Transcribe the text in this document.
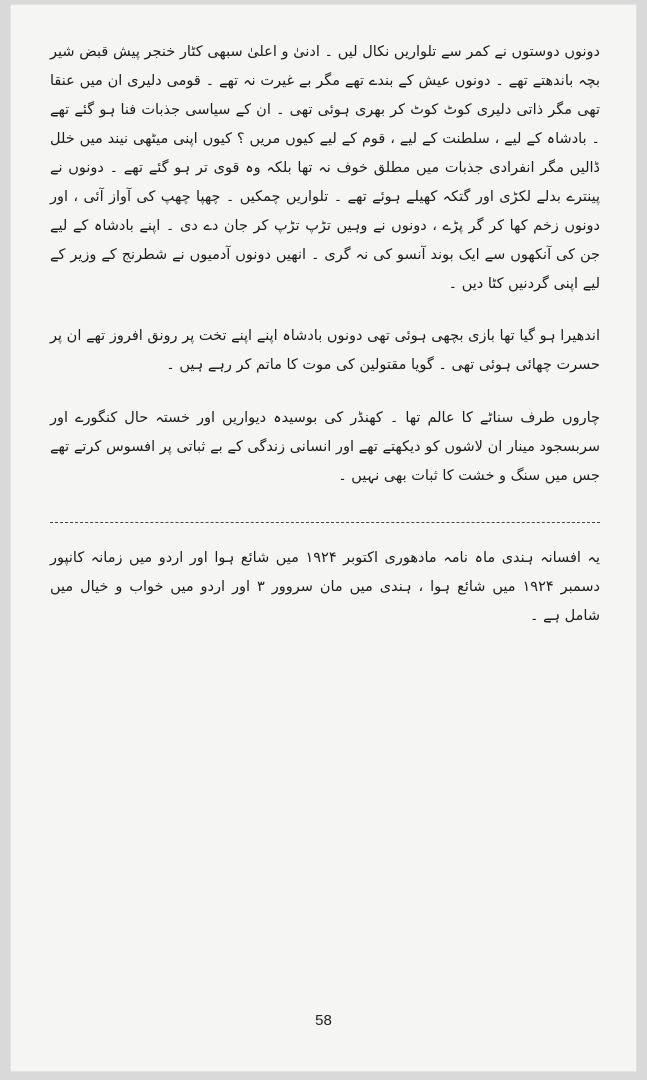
دونوں دوستوں نے کمر سے تلواریں نکال لیں ۔ ادنیٰ و اعلیٰ سبھی کٹار خنجر پیش قبض شیر بچہ باندھتے تھے ۔ دونوں عیش کے بندے تھے مگر بے غیرت نہ تھے ۔ قومی دلیری ان میں عنقا تھی مگر ذاتی دلیری کوٹ کوٹ کر بھری ہوئی تھی ۔ ان کے سیاسی جذبات فنا ہو گئے تھے ۔ بادشاہ کے لیے ، سلطنت کے لیے ، قوم کے لیے کیوں مریں ؟ کیوں اپنی میٹھی نیند میں خلل ڈالیں مگر انفرادی جذبات میں مطلق خوف نہ تھا بلکہ وہ قوی تر ہو گئے تھے ۔ دونوں نے پینترے بدلے لکڑی اور گتکہ کھیلے ہوئے تھے ۔ تلواریں چمکیں ۔ چھپا چھپ کی آواز آئی ، اور دونوں زخم کھا کر گر پڑے ، دونوں نے وہیں تڑپ تڑپ کر جان دے دی ۔ اپنے بادشاہ کے لیے جن کی آنکھوں سے ایک بوند آنسو کی نہ گری ۔ انھیں دونوں آدمیوں نے شطرنج کے وزیر کے لیے اپنی گردنیں کٹا دیں ۔

اندھیرا ہو گیا تھا بازی بچھی ہوئی تھی دونوں بادشاہ اپنے اپنے تخت پر رونق افروز تھے ان پر حسرت چھائی ہوئی تھی ۔ گویا مقتولین کی موت کا ماتم کر رہے ہیں ۔

چاروں طرف سناٹے کا عالم تھا ۔ کھنڈر کی بوسیدہ دیواریں اور خستہ حال کنگورے اور سربسجود مینار ان لاشوں کو دیکھتے تھے اور انسانی زندگی کے بے ثباتی پر افسوس کرتے تھے جس میں سنگ و خشت کا ثبات بھی نہیں ۔

یہ افسانہ ہندی ماہ نامہ مادھوری اکتوبر ۱۹۲۴ میں شائع ہوا اور اردو میں زمانہ کانپور دسمبر ۱۹۲۴ میں شائع ہوا ، ہندی میں مان سروور ۳ اور اردو میں خواب و خیال میں شامل ہے ۔

58
